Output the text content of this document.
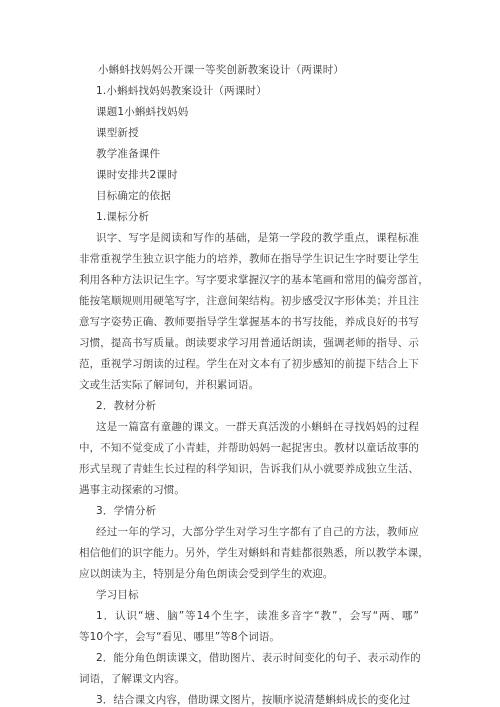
小蝌蚪找妈妈公开课一等奖创新教案设计（两课时）
1.小蝌蚪找妈妈教案设计（两课时）
课题1小蝌蚪找妈妈
课型新授
教学准备课件
课时安排共2课时
目标确定的依据
1.课标分析
识字、写字是阅读和写作的基础，是第一学段的教学重点，课程标准
非常重视学生独立识字能力的培养，教师在指导学生识记生字时要让学生
利用各种方法识记生字。写字要求掌握汉字的基本笔画和常用的偏旁部首，
能按笔顺规则用硬笔写字，注意间架结构。初步感受汉字形体美；并且注
意写字姿势正确、教师要指导学生掌握基本的书写技能，养成良好的书写
习惯，提高书写质量。朗读要求学习用普通话朗读，强调老师的指导、示
范，重视学习朗读的过程。学生在对文本有了初步感知的前提下结合上下
文或生活实际了解词句，并积累词语。
2．教材分析
这是一篇富有童趣的课文。一群天真活泼的小蝌蚪在寻找妈妈的过程
中，不知不觉变成了小青蛙，并帮助妈妈一起捉害虫。教材以童话故事的
形式呈现了青蛙生长过程的科学知识，告诉我们从小就要养成独立生活、
遇事主动探索的习惯。
3．学情分析
经过一年的学习，大部分学生对学习生字都有了自己的方法，教师应
相信他们的识字能力。另外，学生对蝌蚪和青蛙都很熟悉，所以教学本课，
应以朗读为主，特别是分角色朗读会受到学生的欢迎。
学习目标
1．认识“塘、脑”等14个生字，读准多音字“教”，会写“两、哪”
等10个字，会写“看见、哪里”等8个词语。
2．能分角色朗读课文，借助图片、表示时间变化的句子、表示动作的
词语，了解课文内容。
3．结合课文内容，借助课文图片，按顺序说清楚蝌蚪成长的变化过
